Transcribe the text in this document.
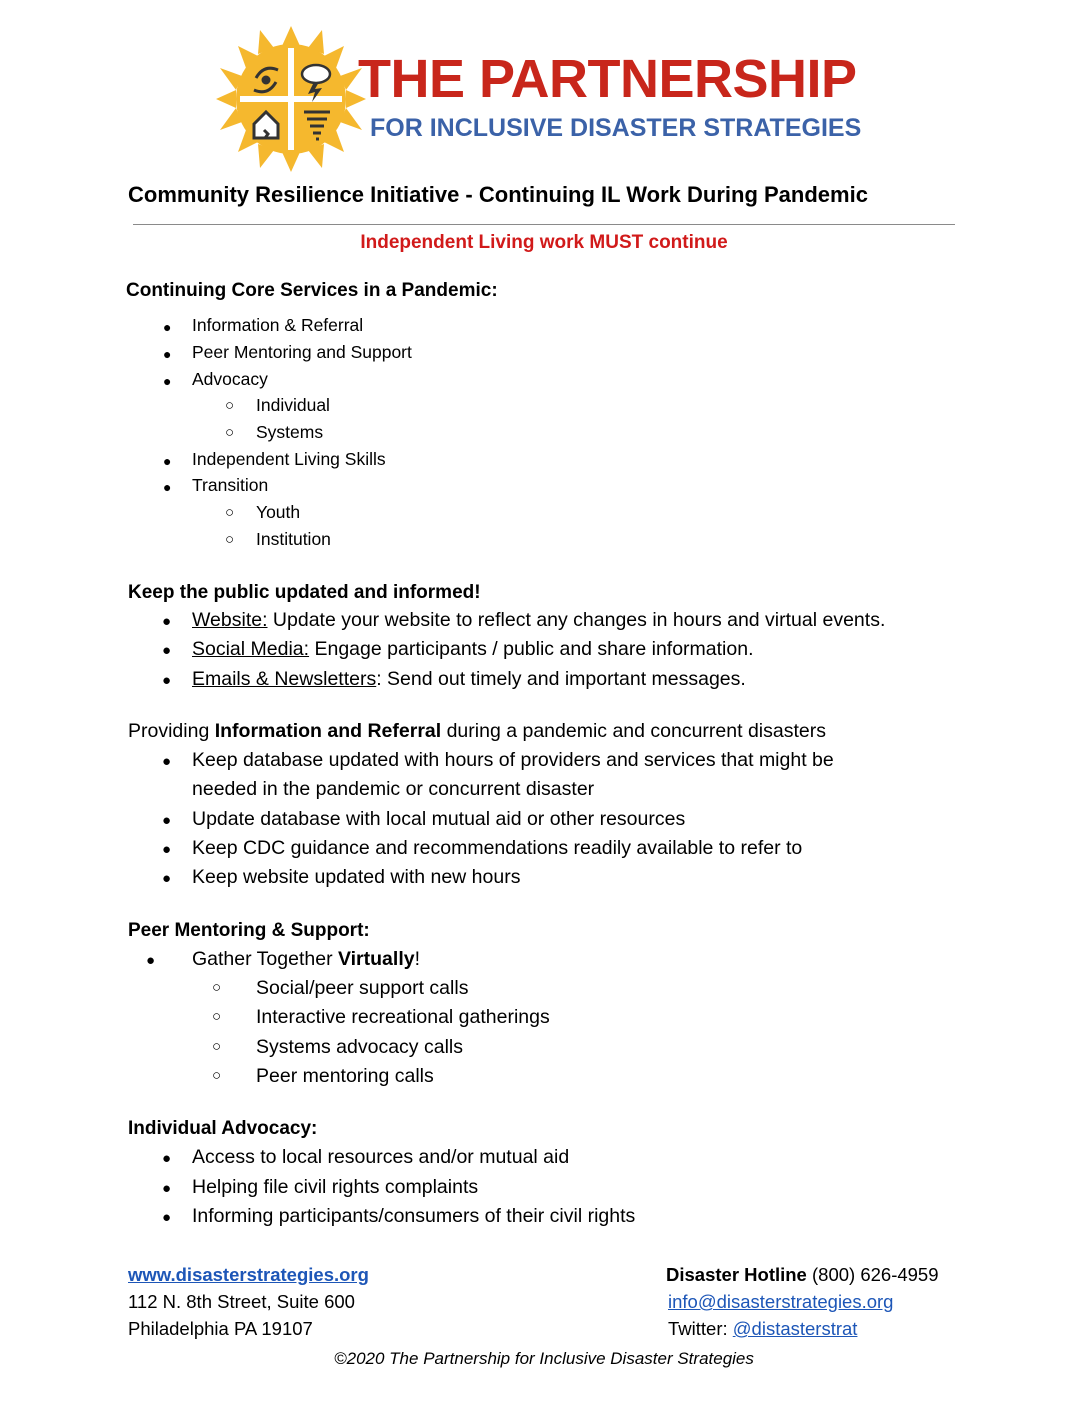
THE PARTNERSHIP
FOR INCLUSIVE DISASTER STRATEGIES
Community Resilience Initiative - Continuing IL Work During Pandemic
Independent Living work MUST continue
Continuing Core Services in a Pandemic:
● Information & Referral
● Peer Mentoring and Support
● Advocacy
○ Individual
○ Systems
● Independent Living Skills
● Transition
○ Youth
○ Institution
Keep the public updated and informed!
● Website: Update your website to reflect any changes in hours and virtual events.
● Social Media: Engage participants / public and share information.
● Emails & Newsletters: Send out timely and important messages.
Providing Information and Referral during a pandemic and concurrent disasters
● Keep database updated with hours of providers and services that might be
needed in the pandemic or concurrent disaster
● Update database with local mutual aid or other resources
● Keep CDC guidance and recommendations readily available to refer to
● Keep website updated with new hours
Peer Mentoring & Support:
● Gather Together Virtually!
○ Social/peer support calls
○ Interactive recreational gatherings
○ Systems advocacy calls
○ Peer mentoring calls
Individual Advocacy:
● Access to local resources and/or mutual aid
● Helping file civil rights complaints
● Informing participants/consumers of their civil rights
www.disasterstrategies.org
112 N. 8th Street, Suite 600
Philadelphia PA 19107
Disaster Hotline (800) 626-4959
info@disasterstrategies.org
Twitter: @distasterstrat
©2020 The Partnership for Inclusive Disaster Strategies
